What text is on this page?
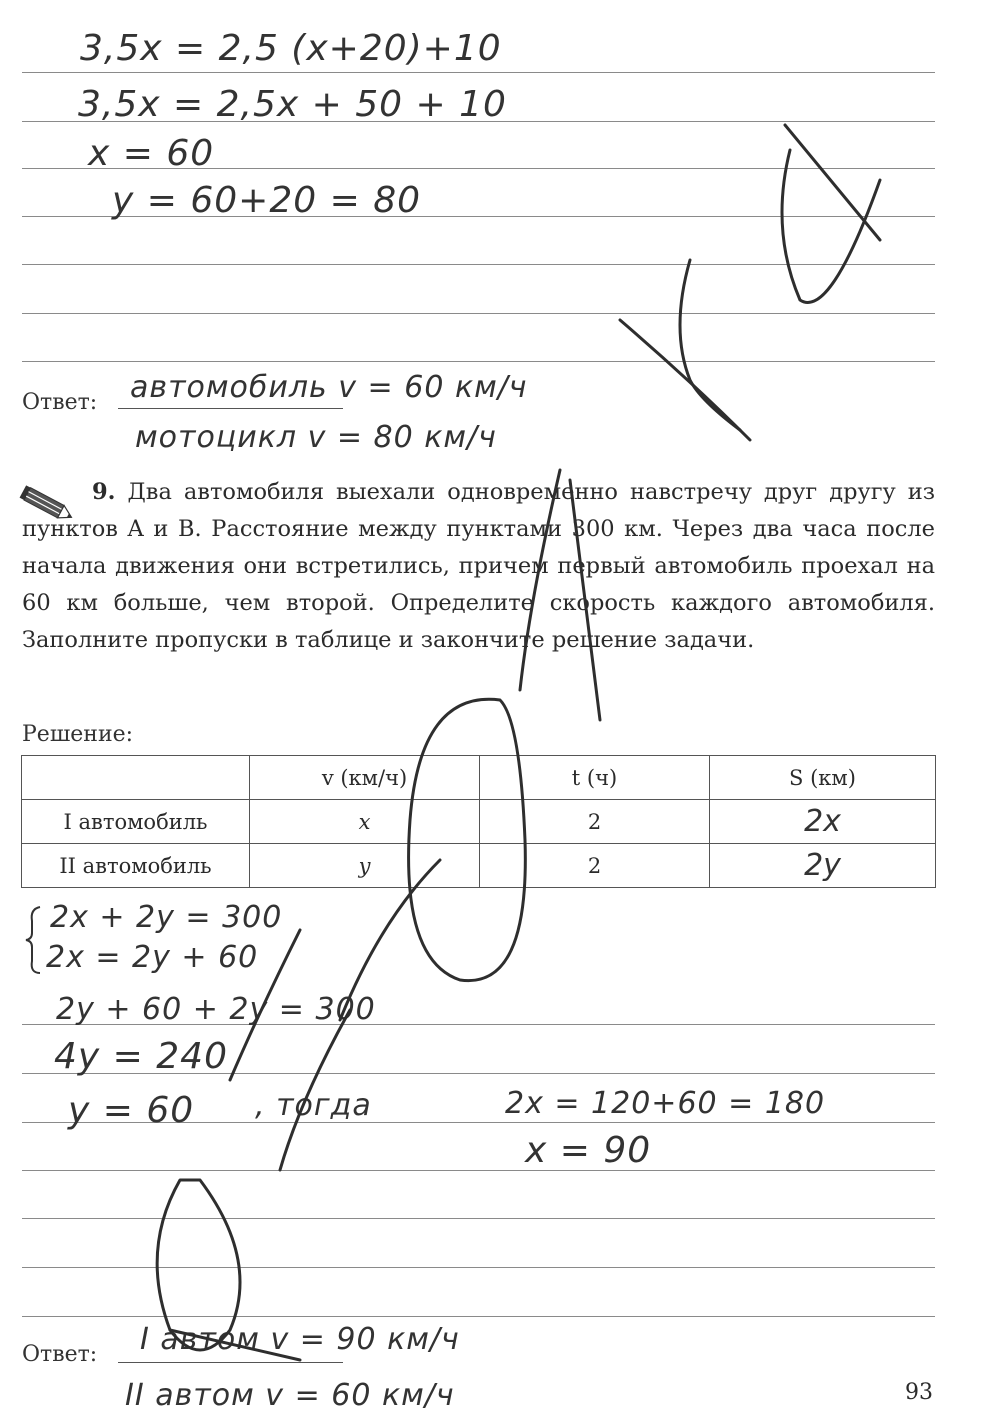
3,5x = 2,5 (x+20)+10
3,5x = 2,5x + 50 + 10
x = 60
y = 60+20 = 80
Ответ: автомобиль v = 60 км/ч
мотоцикл v = 80 км/ч

9. Два автомобиля выехали одновременно навстречу друг другу из пунктов A и B. Расстояние между пунктами 300 км. Через два часа после начала движения они встретились, причем первый автомобиль проехал на 60 км больше, чем второй. Определите скорость каждого автомобиля. Заполните пропуски в таблице и закончите решение задачи.

Решение:
	v (км/ч)	t (ч)	S (км)
I автомобиль	x	2	2x
II автомобиль	y	2	2y
2x + 2y = 300
2x = 2y + 60
2y + 60 + 2y = 300
4y = 240
y = 60 , тогда	2x = 120+60 = 180
x = 90
Ответ: I автом v = 90 км/ч
II автом v = 60 км/ч	93
